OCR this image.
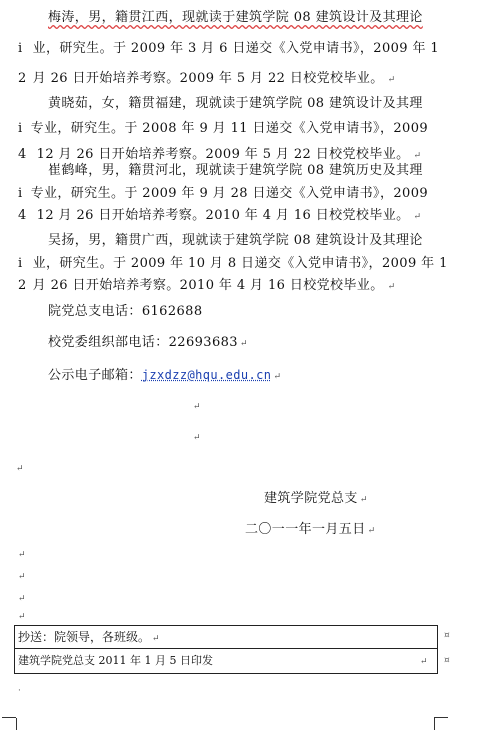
梅涛，男，籍贯江西，现就读于建筑学院 08 建筑设计及其理论
i 业，研究生。于 2009 年 3 月 6 日递交《入党申请书》，2009 年 1
2 月 26 日开始培养考察。2009 年 5 月 22 日校党校毕业。 ↵
黄晓茹，女，籍贯福建，现就读于建筑学院 08 建筑设计及其理
i 专业，研究生。于 2008 年 9 月 11 日递交《入党申请书》，2009
4 12 月 26 日开始培养考察。2009 年 5 月 22 日校党校毕业。 ↵
崔鹤峰，男，籍贯河北，现就读于建筑学院 08 建筑历史及其理
i 专业，研究生。于 2009 年 9 月 28 日递交《入党申请书》，2009
4 12 月 26 日开始培养考察。2010 年 4 月 16 日校党校毕业。 ↵
吴扬，男，籍贯广西，现就读于建筑学院 08 建筑设计及其理论
i 业，研究生。于 2009 年 10 月 8 日递交《入党申请书》，2009 年 1
2 月 26 日开始培养考察。2010 年 4 月 16 日校党校毕业。 ↵
院党总支电话：6162688
校党委组织部电话：22693683 ↵
公示电子邮箱：jzxdzz@hqu.edu.cn ↵
↵
↵
↵
建筑学院党总支 ↵
二〇一一年一月五日 ↵
↵
↵
↵
↵
抄送：院领导，各班级。 ↵
建筑学院党总支 2011 年 1 月 5 日印发	↵
¤
¤
·
